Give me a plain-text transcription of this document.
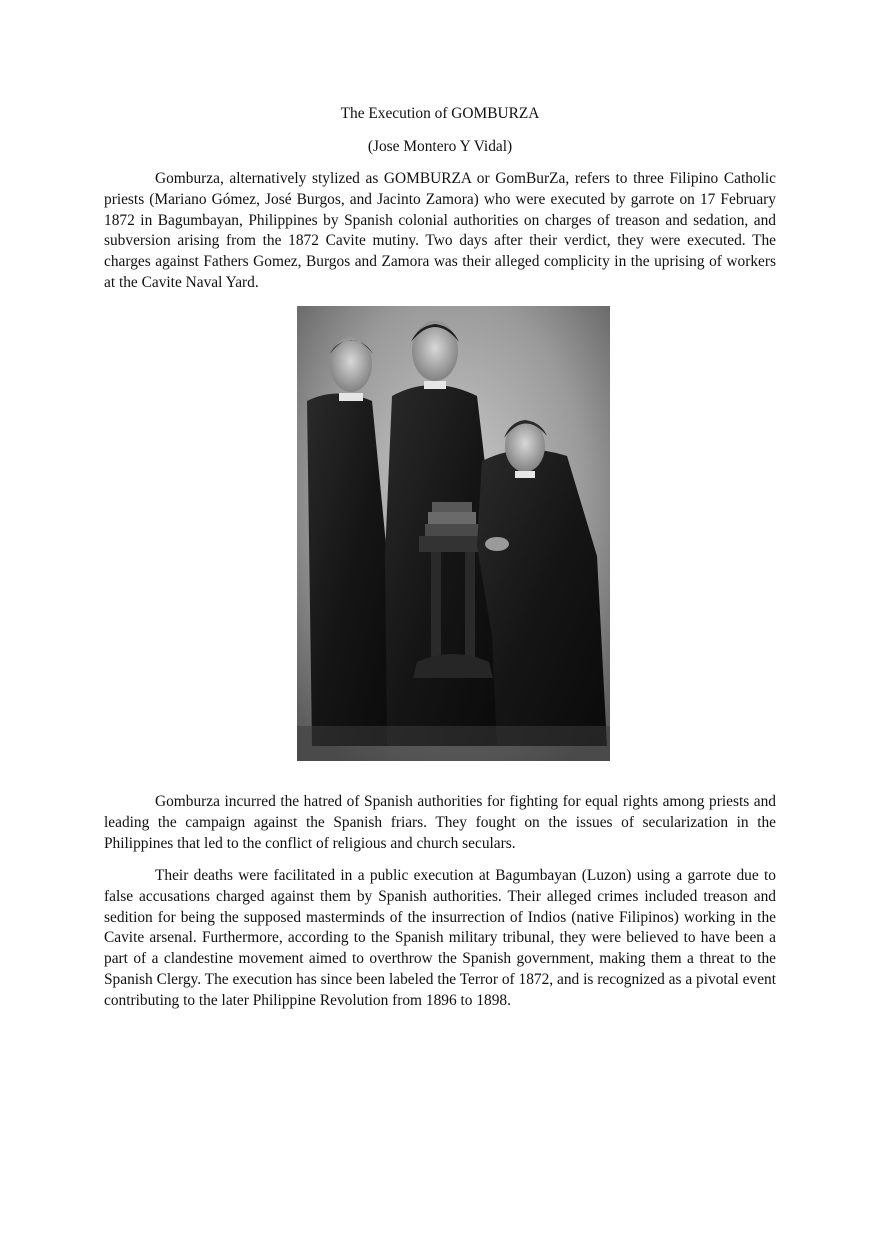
The Execution of GOMBURZA

(Jose Montero Y Vidal)

Gomburza, alternatively stylized as GOMBURZA or GomBurZa, refers to three Filipino Catholic priests (Mariano Gómez, José Burgos, and Jacinto Zamora) who were executed by garrote on 17 February 1872 in Bagumbayan, Philippines by Spanish colonial authorities on charges of treason and sedation, and subversion arising from the 1872 Cavite mutiny. Two days after their verdict, they were executed. The charges against Fathers Gomez, Burgos and Zamora was their alleged complicity in the uprising of workers at the Cavite Naval Yard.

Gomburza incurred the hatred of Spanish authorities for fighting for equal rights among priests and leading the campaign against the Spanish friars. They fought on the issues of secularization in the Philippines that led to the conflict of religious and church seculars.

Their deaths were facilitated in a public execution at Bagumbayan (Luzon) using a garrote due to false accusations charged against them by Spanish authorities. Their alleged crimes included treason and sedition for being the supposed masterminds of the insurrection of Indios (native Filipinos) working in the Cavite arsenal. Furthermore, according to the Spanish military tribunal, they were believed to have been a part of a clandestine movement aimed to overthrow the Spanish government, making them a threat to the Spanish Clergy. The execution has since been labeled the Terror of 1872, and is recognized as a pivotal event contributing to the later Philippine Revolution from 1896 to 1898.
